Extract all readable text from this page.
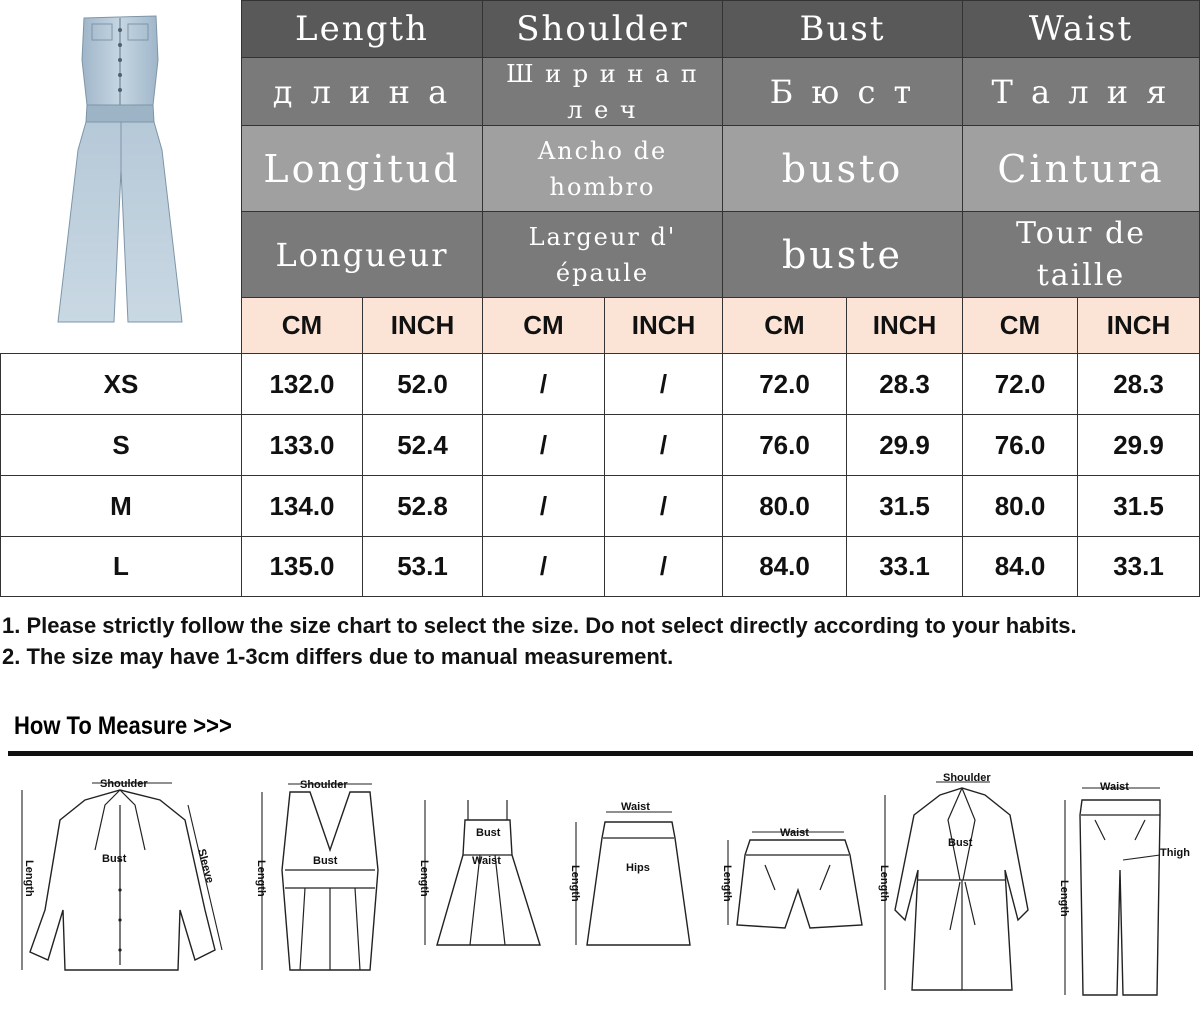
Length	Shoulder	Bust	Waist
д л и н а	Ш и р и н а п л е ч	Б ю с т	Т а л и я
Longitud	Ancho de hombro	busto	Cintura
Longueur	Largeur d' épaule	buste	Tour de taille
CM	INCH	CM	INCH	CM	INCH	CM	INCH
XS	132.0	52.0	/	/	72.0	28.3	72.0	28.3
S	133.0	52.4	/	/	76.0	29.9	76.0	29.9
M	134.0	52.8	/	/	80.0	31.5	80.0	31.5
L	135.0	53.1	/	/	84.0	33.1	84.0	33.1
1. Please strictly follow the size chart to select the size. Do not select directly according to your habits.
2. The size may have 1-3cm differs due to manual measurement.
How To Measure >>>
Shoulder
Bust	Sleeve
Length
Shoulder
Bust
Length
Bust
Waist
Length
Waist
Hips
Length
Waist
Length
Shoulder
Bust
Length
Waist
Thigh
Length
